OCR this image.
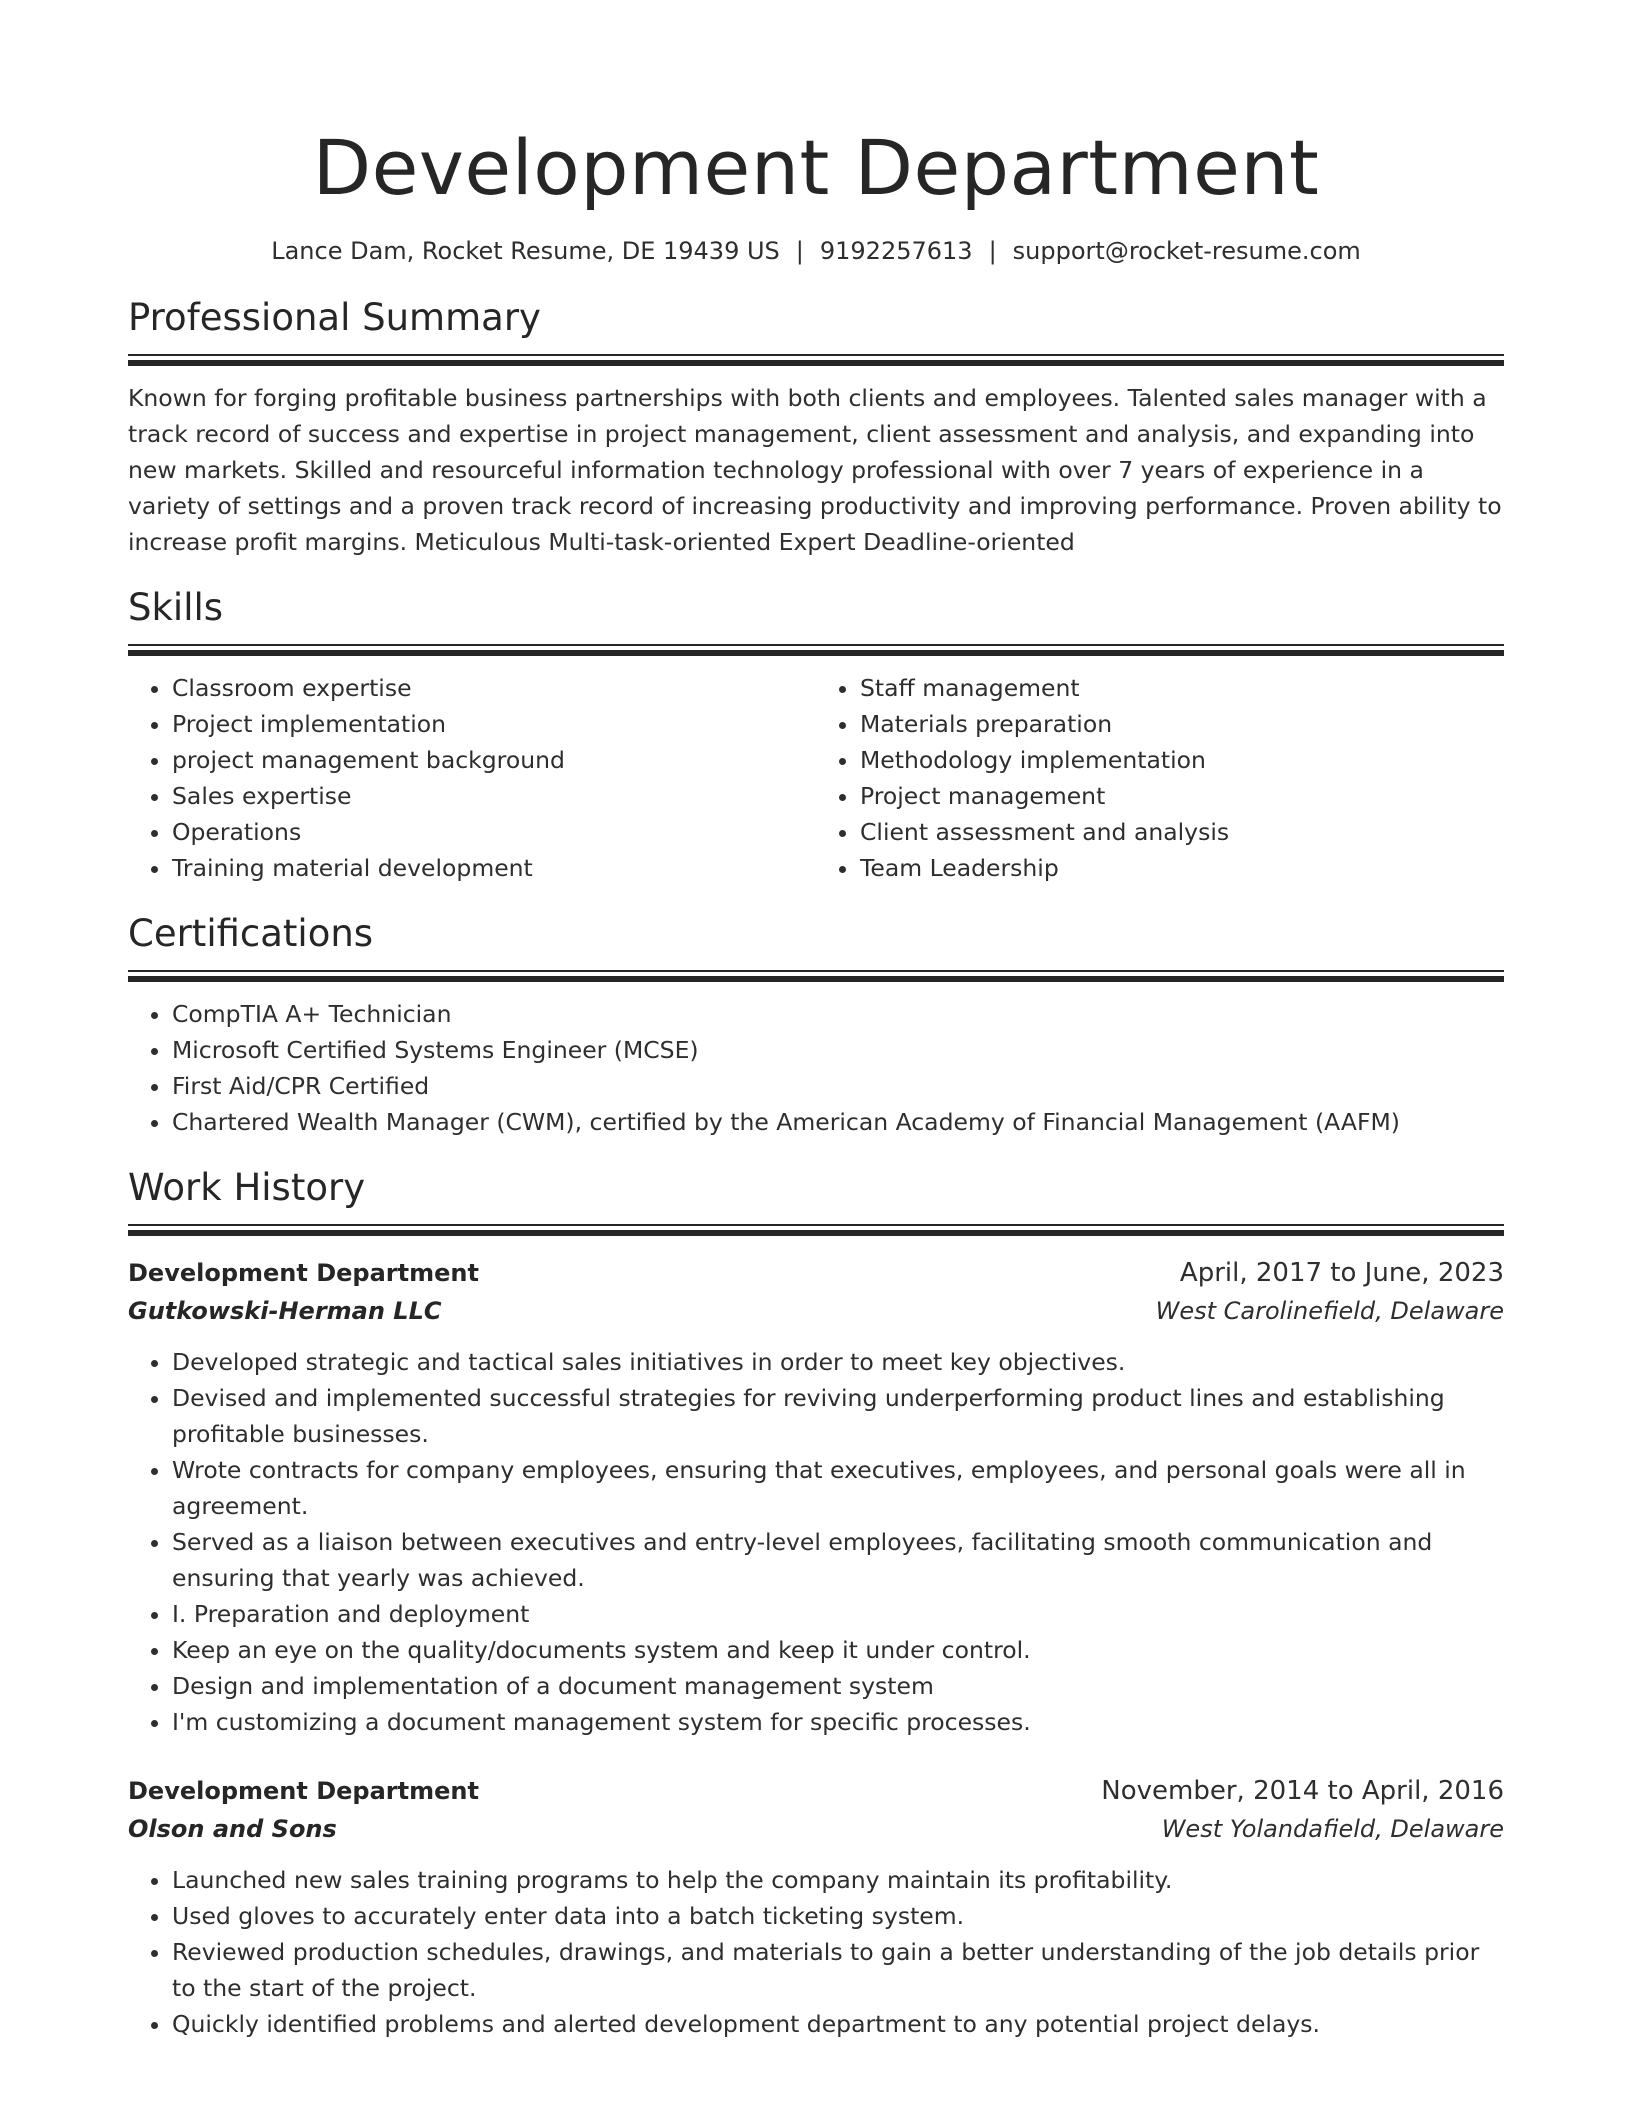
Development Department
Lance Dam, Rocket Resume, DE 19439 US | 9192257613 | support@rocket-resume.com
Professional Summary

Known for forging profitable business partnerships with both clients and employees. Talented sales manager with a track record of success and expertise in project management, client assessment and analysis, and expanding into new markets. Skilled and resourceful information technology professional with over 7 years of experience in a variety of settings and a proven track record of increasing productivity and improving performance. Proven ability to increase profit margins. Meticulous Multi-task-oriented Expert Deadline-oriented

Skills
• Classroom expertise
• Project implementation
• project management background
• Sales expertise
• Operations
• Training material development
• Staff management
• Materials preparation
• Methodology implementation
• Project management
• Client assessment and analysis
• Team Leadership
Certifications
• CompTIA A+ Technician
• Microsoft Certified Systems Engineer (MCSE)
• First Aid/CPR Certified
• Chartered Wealth Manager (CWM), certified by the American Academy of Financial Management (AAFM)
Work History
Development Department	April, 2017 to June, 2023
Gutkowski-Herman LLC	West Carolinefield, Delaware
• Developed strategic and tactical sales initiatives in order to meet key objectives.
• Devised and implemented successful strategies for reviving underperforming product lines and establishing profitable businesses.
• Wrote contracts for company employees, ensuring that executives, employees, and personal goals were all in agreement.
• Served as a liaison between executives and entry-level employees, facilitating smooth communication and ensuring that yearly was achieved.
• I. Preparation and deployment
• Keep an eye on the quality/documents system and keep it under control.
• Design and implementation of a document management system
• I'm customizing a document management system for specific processes.
Development Department	November, 2014 to April, 2016
Olson and Sons	West Yolandafield, Delaware
• Launched new sales training programs to help the company maintain its profitability.
• Used gloves to accurately enter data into a batch ticketing system.
• Reviewed production schedules, drawings, and materials to gain a better understanding of the job details prior to the start of the project.
• Quickly identified problems and alerted development department to any potential project delays.
